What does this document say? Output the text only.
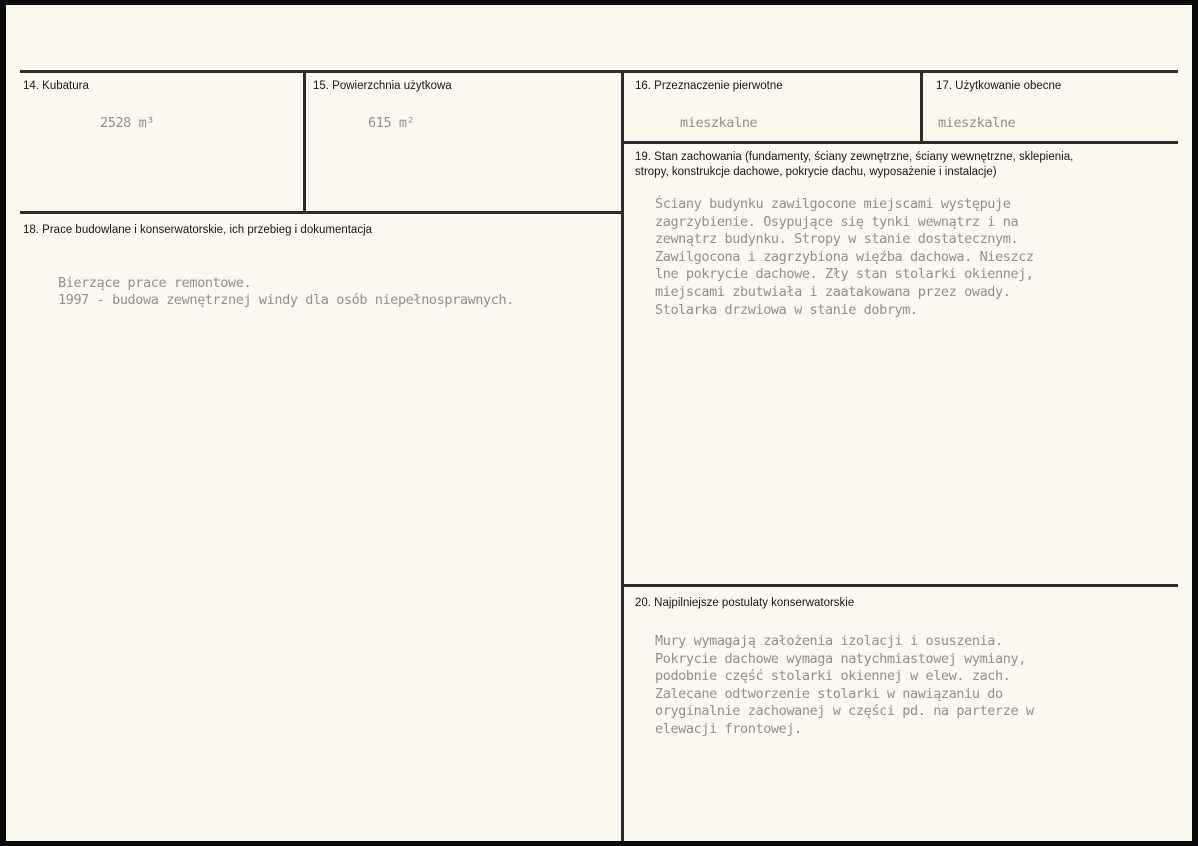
14. Kubatura
2528 m³
15. Powierzchnia użytkowa
615 m²
16. Przeznaczenie pierwotne
mieszkalne
17. Użytkowanie obecne
mieszkalne
18. Prace budowlane i konserwatorskie, ich przebieg i dokumentacja
Bierzące prace remontowe.
1997 - budowa zewnętrznej windy dla osób niepełnosprawnych.
19. Stan zachowania (fundamenty, ściany zewnętrzne, ściany wewnętrzne, sklepienia,
stropy, konstrukcje dachowe, pokrycie dachu, wyposażenie i instalacje)
Ściany budynku zawilgocone miejscami występuje
zagrzybienie. Osypujące się tynki wewnątrz i na
zewnątrz budynku. Stropy w stanie dostatecznym.
Zawilgocona i zagrzybiona więźba dachowa. Nieszcz
lne pokrycie dachowe. Zły stan stolarki okiennej,
miejscami zbutwiała i zaatakowana przez owady.
Stolarka drzwiowa w stanie dobrym.
20. Najpilniejsze postulaty konserwatorskie
Mury wymagają założenia izolacji i osuszenia.
Pokrycie dachowe wymaga natychmiastowej wymiany,
podobnie część stolarki okiennej w elew. zach.
Zalecane odtworzenie stolarki w nawiązaniu do
oryginalnie zachowanej w części pd. na parterze w
elewacji frontowej.
